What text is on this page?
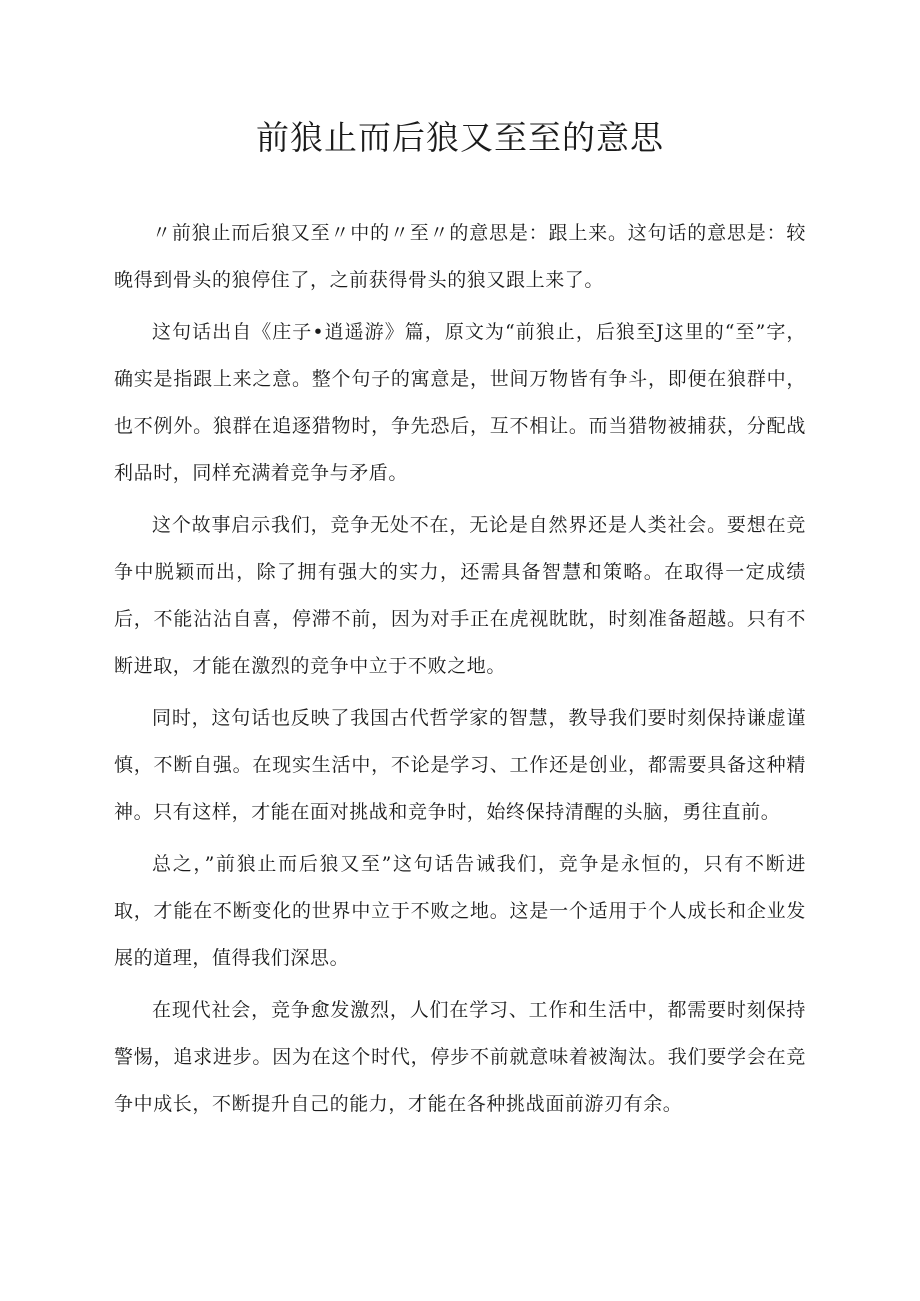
前狼止而后狼又至至的意思

〃前狼止而后狼又至〃中的〃至〃的意思是：跟上来。这句话的意思是：较晚得到骨头的狼停住了，之前获得骨头的狼又跟上来了。

这句话出自《庄子•逍遥游》篇，原文为“前狼止，后狼至J这里的“至”字，确实是指跟上来之意。整个句子的寓意是，世间万物皆有争斗，即便在狼群中，也不例外。狼群在追逐猎物时，争先恐后，互不相让。而当猎物被捕获，分配战利品时，同样充满着竞争与矛盾。

这个故事启示我们，竞争无处不在，无论是自然界还是人类社会。要想在竞争中脱颖而出，除了拥有强大的实力，还需具备智慧和策略。在取得一定成绩后，不能沾沾自喜，停滞不前，因为对手正在虎视眈眈，时刻准备超越。只有不断进取，才能在激烈的竞争中立于不败之地。

同时，这句话也反映了我国古代哲学家的智慧，教导我们要时刻保持谦虚谨慎，不断自强。在现实生活中，不论是学习、工作还是创业，都需要具备这种精神。只有这样，才能在面对挑战和竞争时，始终保持清醒的头脑，勇往直前。

总之，”前狼止而后狼又至”这句话告诫我们，竞争是永恒的，只有不断进取，才能在不断变化的世界中立于不败之地。这是一个适用于个人成长和企业发展的道理，值得我们深思。

在现代社会，竞争愈发激烈，人们在学习、工作和生活中，都需要时刻保持警惕，追求进步。因为在这个时代，停步不前就意味着被淘汰。我们要学会在竞争中成长，不断提升自己的能力，才能在各种挑战面前游刃有余。
